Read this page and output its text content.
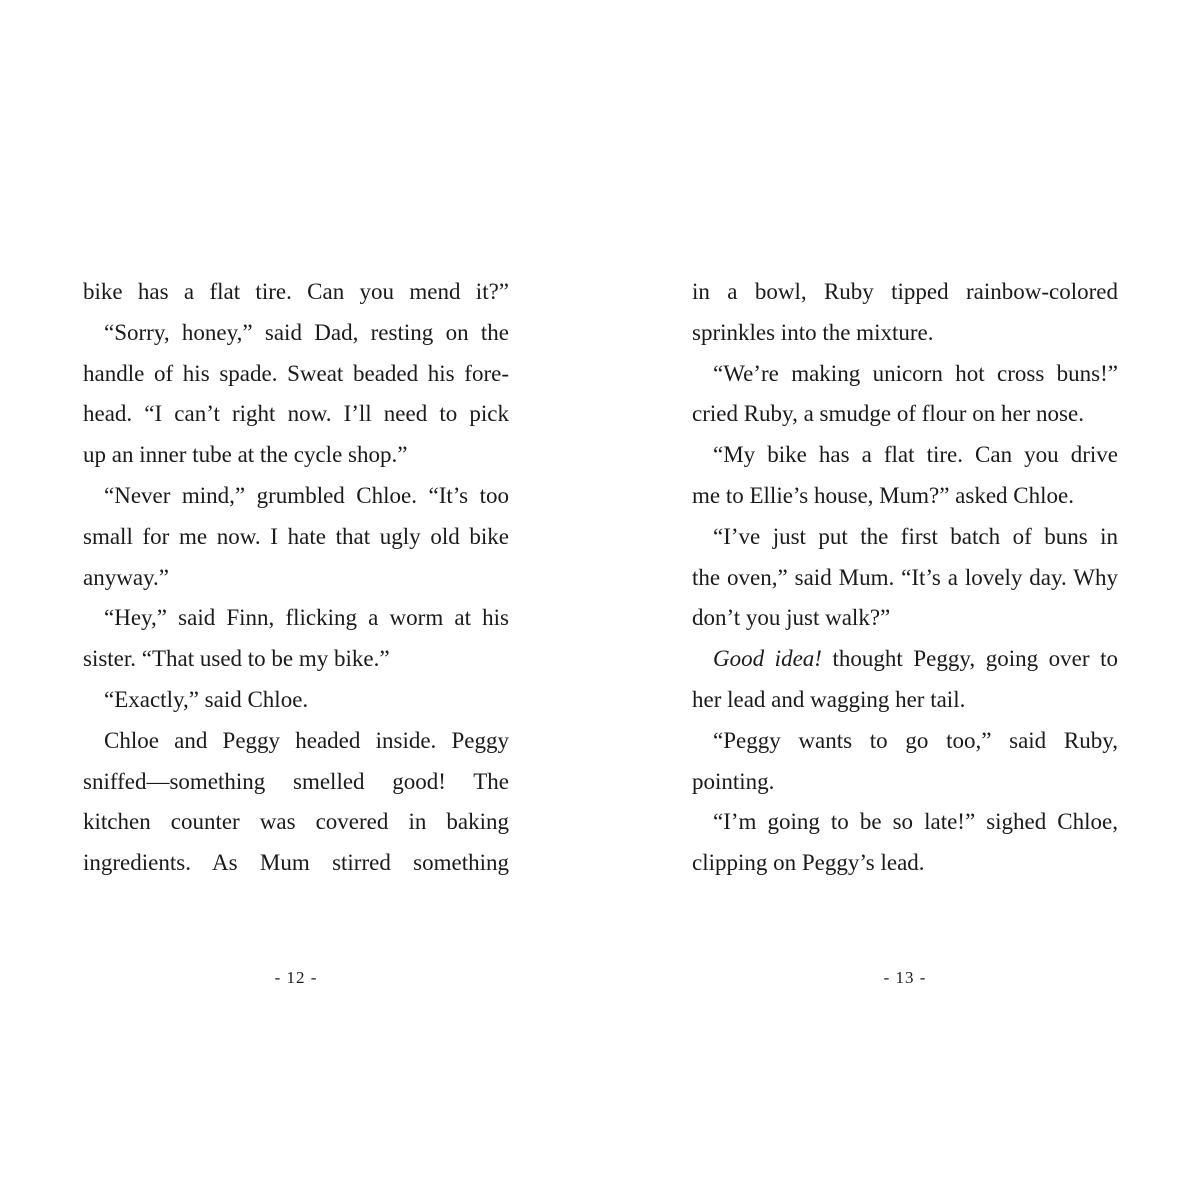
bike has a flat tire. Can you mend it?”
“Sorry, honey,” said Dad, resting on the
handle of his spade. Sweat beaded his fore-
head. “I can’t right now. I’ll need to pick
up an inner tube at the cycle shop.”
“Never mind,” grumbled Chloe. “It’s too
small for me now. I hate that ugly old bike
anyway.”
“Hey,” said Finn, flicking a worm at his
sister. “That used to be my bike.”
“Exactly,” said Chloe.
Chloe and Peggy headed inside. Peggy
sniffed—something smelled good! The
kitchen counter was covered in baking
ingredients. As Mum stirred something
in a bowl, Ruby tipped rainbow-colored
sprinkles into the mixture.
“We’re making unicorn hot cross buns!”
cried Ruby, a smudge of flour on her nose.
“My bike has a flat tire. Can you drive
me to Ellie’s house, Mum?” asked Chloe.
“I’ve just put the first batch of buns in
the oven,” said Mum. “It’s a lovely day. Why
don’t you just walk?”
Good idea! thought Peggy, going over to
her lead and wagging her tail.
“Peggy wants to go too,” said Ruby,
pointing.
“I’m going to be so late!” sighed Chloe,
clipping on Peggy’s lead.
- 12 -	- 13 -
